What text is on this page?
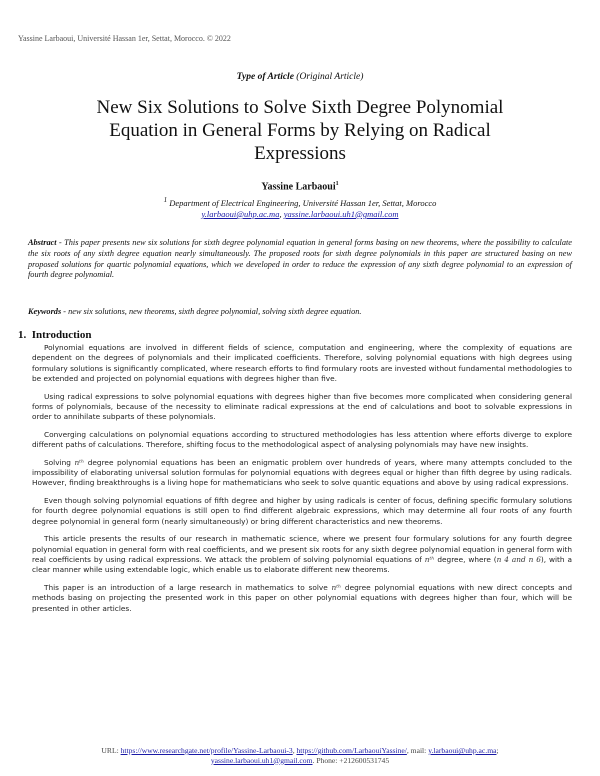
Yassine Larbaoui, Université Hassan 1er, Settat, Morocco. © 2022
Type of Article (Original Article)
New Six Solutions to Solve Sixth Degree Polynomial
Equation in General Forms by Relying on Radical
Expressions
Yassine Larbaoui$^1$
$^1$ Department of Electrical Engineering, Université Hassan 1er, Settat, Morocco
y.larbaoui@uhp.ac.ma, yassine.larbaoui.uh1@gmail.com
Abstract - This paper presents new six solutions for sixth degree polynomial equation in general forms basing on new theorems, where the possibility to calculate the six roots of any sixth degree equation nearly simultaneously. The proposed roots for sixth degree polynomials in this paper are structured basing on new proposed solutions for quartic polynomial equations, which we developed in order to reduce the expression of any sixth degree polynomial to an expression of fourth degree polynomial.
Keywords - new six solutions, new theorems, sixth degree polynomial, solving sixth degree equation.
1. Introduction

Polynomial equations are involved in different fields of science, computation and engineering, where the complexity of equations are dependent on the degrees of polynomials and their implicated coefficients. Therefore, solving polynomial equations with high degrees using formulary solutions is significantly complicated, where research efforts to find formulary roots are invested without fundamental methodologies to be extended and projected on polynomial equations with degrees higher than five.

Using radical expressions to solve polynomial equations with degrees higher than five becomes more complicated when considering general forms of polynomials, because of the necessity to eliminate radical expressions at the end of calculations and boot to solvable expressions in order to annihilate subparts of these polynomials.

Converging calculations on polynomial equations according to structured methodologies has less attention where efforts diverge to explore different paths of calculations. Therefore, shifting focus to the methodological aspect of analysing polynomials may have new insights.

Solving nᵗʰ degree polynomial equations has been an enigmatic problem over hundreds of years, where many attempts concluded to the impossibility of elaborating universal solution formulas for polynomial equations with degrees equal or higher than fifth degree by using radicals. However, finding breakthroughs is a living hope for mathematicians who seek to solve quantic equations and above by using radical expressions.

Even though solving polynomial equations of fifth degree and higher by using radicals is center of focus, defining specific formulary solutions for fourth degree polynomial equations is still open to find different algebraic expressions, which may determine all four roots of any fourth degree polynomial in general form (nearly simultaneously) or bring different characteristics and new theorems.

This article presents the results of our research in mathematic science, where we present four formulary solutions for any fourth degree polynomial equation in general form with real coefficients, and we present six roots for any sixth degree polynomial equation in general form with real coefficients by using radical expressions. We attack the problem of solving polynomial equations of nᵗʰ degree, where (n 4 and n 6), with a clear manner while using extendable logic, which enable us to elaborate different new theorems.

This paper is an introduction of a large research in mathematics to solve nᵗʰ degree polynomial equations with new direct concepts and methods basing on projecting the presented work in this paper on other polynomial equations with degrees higher than four, which will be presented in other articles.

URL: https://www.researchgate.net/profile/Yassine-Larbaoui-3, https://github.com/LarbaouiYassine/, mail: y.larbaoui@uhp.ac.ma;
yassine.larbaoui.uh1@gmail.com. Phone: +212600531745
